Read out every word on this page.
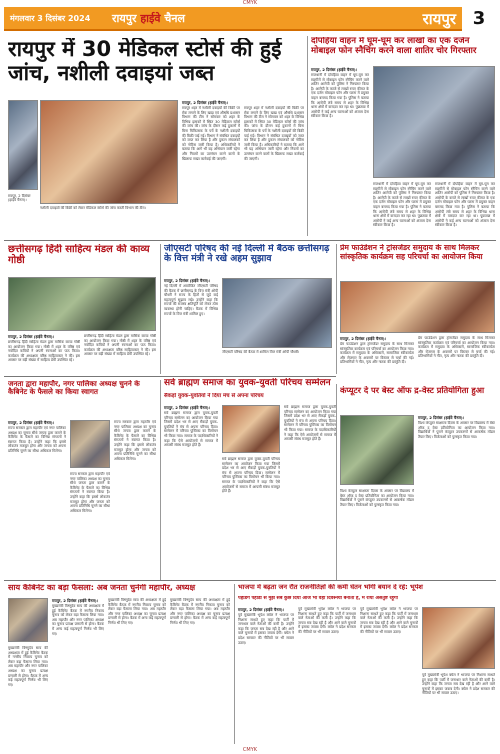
CMYK
मंगलवार 3 दिसंबर 2024 रायपुर हाईवे चैनल	रायपुर 3
रायपुर में 30 मेडिकल स्टोर्स की हुई जांच, नशीली दवाइयां जब्त
रायपुर, 2 दिसंबर (हाईवे चैनल)।
नशीली दवाइयों की बिक्री को लेकर मेडिकल स्टोर्स की जांच करती विभाग की टीम।
रायपुर, 2 दिसंबर (हाईवे चैनल)।
रायपुर शहर में नशीली दवाइयों की बिक्री पर रोक लगाने के लिए खाद्य एवं औषधि प्रशासन विभाग की टीम ने सोमवार को शहर के विभिन्न इलाकों में स्थित 30 मेडिकल स्टोर्स की जांच की। जांच के दौरान कई दुकानों में बिना चिकित्सक के पर्चे के नशीली दवाइयों की बिक्री पाई गई। विभाग ने संबंधित दवाइयों को जब्त कर लिया है और दुकान संचालकों को नोटिस जारी किया है। अधिकारियों ने बताया कि आगे भी यह अभियान जारी रहेगा और नियमों का उल्लंघन करने वालों के खिलाफ सख्त कार्रवाई की जाएगी।
रायपुर शहर में नशीली दवाइयों की बिक्री पर रोक लगाने के लिए खाद्य एवं औषधि प्रशासन विभाग की टीम ने सोमवार को शहर के विभिन्न इलाकों में स्थित 30 मेडिकल स्टोर्स की जांच की। जांच के दौरान कई दुकानों में बिना चिकित्सक के पर्चे के नशीली दवाइयों की बिक्री पाई गई। विभाग ने संबंधित दवाइयों को जब्त कर लिया है और दुकान संचालकों को नोटिस जारी किया है। अधिकारियों ने बताया कि आगे भी यह अभियान जारी रहेगा और नियमों का उल्लंघन करने वालों के खिलाफ सख्त कार्रवाई की जाएगी।
दोपहिया वाहन में घूम-घूम कर लाखों का एक दर्जन मोबाइल फोन स्नैचिंग करने वाला शातिर चोर गिरफ्तार
रायपुर, 2 दिसंबर (हाईवे चैनल)।
राजधानी में दोपहिया वाहन में घूम-घूम कर राहगीरों से मोबाइल फोन स्नैचिंग करने वाले शातिर आरोपी को पुलिस ने गिरफ्तार किया है। आरोपी के कब्जे से लाखों रुपए कीमत के एक दर्जन मोबाइल फोन और घटना में प्रयुक्त वाहन बरामद किया गया है। पुलिस ने बताया कि आरोपी लंबे समय से शहर के विभिन्न थाना क्षेत्रों में वारदात कर रहा था। पूछताछ में आरोपी ने कई अन्य घटनाओं को अंजाम देना स्वीकार किया है।
राजधानी में दोपहिया वाहन में घूम-घूम कर राहगीरों से मोबाइल फोन स्नैचिंग करने वाले शातिर आरोपी को पुलिस ने गिरफ्तार किया है। आरोपी के कब्जे से लाखों रुपए कीमत के एक दर्जन मोबाइल फोन और घटना में प्रयुक्त वाहन बरामद किया गया है। पुलिस ने बताया कि आरोपी लंबे समय से शहर के विभिन्न थाना क्षेत्रों में वारदात कर रहा था। पूछताछ में आरोपी ने कई अन्य घटनाओं को अंजाम देना स्वीकार किया है।
राजधानी में दोपहिया वाहन में घूम-घूम कर राहगीरों से मोबाइल फोन स्नैचिंग करने वाले शातिर आरोपी को पुलिस ने गिरफ्तार किया है। आरोपी के कब्जे से लाखों रुपए कीमत के एक दर्जन मोबाइल फोन और घटना में प्रयुक्त वाहन बरामद किया गया है। पुलिस ने बताया कि आरोपी लंबे समय से शहर के विभिन्न थाना क्षेत्रों में वारदात कर रहा था। पूछताछ में आरोपी ने कई अन्य घटनाओं को अंजाम देना स्वीकार किया है।
छत्तीसगढ़ हिंदी साहित्य मंडल की काव्य गोष्ठी
रायपुर, 2 दिसंबर (हाईवे चैनल)।
छत्तीसगढ़ हिंदी साहित्य मंडल द्वारा मासिक काव्य गोष्ठी का आयोजन किया गया। गोष्ठी में शहर के वरिष्ठ एवं नवोदित कवियों ने अपनी रचनाओं का पाठ किया। कार्यक्रम की अध्यक्षता वरिष्ठ साहित्यकार ने की। इस अवसर पर बड़ी संख्या में साहित्य प्रेमी उपस्थित रहे।
छत्तीसगढ़ हिंदी साहित्य मंडल द्वारा मासिक काव्य गोष्ठी का आयोजन किया गया। गोष्ठी में शहर के वरिष्ठ एवं नवोदित कवियों ने अपनी रचनाओं का पाठ किया। कार्यक्रम की अध्यक्षता वरिष्ठ साहित्यकार ने की। इस अवसर पर बड़ी संख्या में साहित्य प्रेमी उपस्थित रहे।
जीएसटी परिषद की नई दिल्ली में बैठक छत्तीसगढ़ के वित्त मंत्री ने रखे अहम सुझाव
रायपुर, 2 दिसंबर (हाईवे चैनल)।
नई दिल्ली में आयोजित जीएसटी परिषद की बैठक में छत्तीसगढ़ के वित्त मंत्री ओपी चौधरी ने राज्य के हितों से जुड़े कई महत्वपूर्ण सुझाव रखे। उन्होंने कहा कि राज्यों की राजस्व क्षतिपूर्ति को लेकर ठोस व्यवस्था होनी चाहिए। बैठक में विभिन्न राज्यों के वित्त मंत्री शामिल हुए।
जीएसटी परिषद की बैठक में शामिल वित्त मंत्री ओपी चौधरी।
प्रेम फाउंडेशन ने ट्रांसजेंडर समुदाय के साथ मिलकर सांस्कृतिक कार्यक्रम सह परिचर्चा का आयोजन किया
रायपुर, 2 दिसंबर (हाईवे चैनल)।
प्रेम फाउंडेशन द्वारा ट्रांसजेंडर समुदाय के साथ मिलकर सांस्कृतिक कार्यक्रम एवं परिचर्चा का आयोजन किया गया। कार्यक्रम में समुदाय के अधिकारों, सामाजिक स्वीकार्यता और रोजगार के अवसरों पर विस्तार से चर्चा की गई। प्रतिभागियों ने गीत, नृत्य और नाटक की प्रस्तुति दी।
प्रेम फाउंडेशन द्वारा ट्रांसजेंडर समुदाय के साथ मिलकर सांस्कृतिक कार्यक्रम एवं परिचर्चा का आयोजन किया गया। कार्यक्रम में समुदाय के अधिकारों, सामाजिक स्वीकार्यता और रोजगार के अवसरों पर विस्तार से चर्चा की गई। प्रतिभागियों ने गीत, नृत्य और नाटक की प्रस्तुति दी।
जनता द्वारा महापौर, नगर पालिका अध्यक्ष चुनने के कैबिनेट के फैसले का किया स्वागत
रायपुर, 2 दिसंबर (हाईवे चैनल)।
राज्य सरकार द्वारा महापौर एवं नगर पालिका अध्यक्ष का चुनाव सीधे जनता द्वारा कराने के कैबिनेट के फैसले का विभिन्न संगठनों ने स्वागत किया है। उन्होंने कहा कि इससे लोकतंत्र मजबूत होगा और जनता को अपना प्रतिनिधि चुनने का सीधा अधिकार मिलेगा।
राज्य सरकार द्वारा महापौर एवं नगर पालिका अध्यक्ष का चुनाव सीधे जनता द्वारा कराने के कैबिनेट के फैसले का विभिन्न संगठनों ने स्वागत किया है। उन्होंने कहा कि इससे लोकतंत्र मजबूत होगा और जनता को अपना प्रतिनिधि चुनने का सीधा अधिकार मिलेगा।
राज्य सरकार द्वारा महापौर एवं नगर पालिका अध्यक्ष का चुनाव सीधे जनता द्वारा कराने के कैबिनेट के फैसले का विभिन्न संगठनों ने स्वागत किया है। उन्होंने कहा कि इससे लोकतंत्र मजबूत होगा और जनता को अपना प्रतिनिधि चुनने का सीधा अधिकार मिलेगा।
सर्व ब्राह्मण समाज का युवक-युवती परिचय सम्मेलन
सैकड़ों युवक-युवतियों ने दिया मंच से अपना परिचय
रायपुर, 2 दिसंबर (हाईवे चैनल)।
सर्व ब्राह्मण समाज द्वारा युवक-युवती परिचय सम्मेलन का आयोजन किया गया जिसमें प्रदेश भर से आए सैकड़ों युवक-युवतियों ने मंच से अपना परिचय दिया। सम्मेलन में परिचय पुस्तिका का विमोचन भी किया गया। समाज के पदाधिकारियों ने कहा कि ऐसे आयोजनों से समाज में आपसी संबंध मजबूत होते हैं।
सर्व ब्राह्मण समाज द्वारा युवक-युवती परिचय सम्मेलन का आयोजन किया गया जिसमें प्रदेश भर से आए सैकड़ों युवक-युवतियों ने मंच से अपना परिचय दिया। सम्मेलन में परिचय पुस्तिका का विमोचन भी किया गया। समाज के पदाधिकारियों ने कहा कि ऐसे आयोजनों से समाज में आपसी संबंध मजबूत होते हैं।
सर्व ब्राह्मण समाज द्वारा युवक-युवती परिचय सम्मेलन का आयोजन किया गया जिसमें प्रदेश भर से आए सैकड़ों युवक-युवतियों ने मंच से अपना परिचय दिया। सम्मेलन में परिचय पुस्तिका का विमोचन भी किया गया। समाज के पदाधिकारियों ने कहा कि ऐसे आयोजनों से समाज में आपसी संबंध मजबूत होते हैं।
कंप्यूटर दे पर बेस्ट ऑफ द्र-वेस्ट प्रतियोगिता हुआ
रायपुर, 2 दिसंबर (हाईवे चैनल)।
विश्व कंप्यूटर साक्षरता दिवस के अवसर पर विद्यालय में बेस्ट ऑफ द वेस्ट प्रतियोगिता का आयोजन किया गया। विद्यार्थियों ने पुराने कंप्यूटर उपकरणों से आकर्षक मॉडल तैयार किए। विजेताओं को पुरस्कृत किया गया।
विश्व कंप्यूटर साक्षरता दिवस के अवसर पर विद्यालय में बेस्ट ऑफ द वेस्ट प्रतियोगिता का आयोजन किया गया। विद्यार्थियों ने पुराने कंप्यूटर उपकरणों से आकर्षक मॉडल तैयार किए। विजेताओं को पुरस्कृत किया गया।
साय कैबिनेट का बड़ा फैसला: अब जनता चुनेगी महापौर, अध्यक्ष
रायपुर, 2 दिसंबर (हाईवे चैनल)।
मुख्यमंत्री विष्णुदेव साय की अध्यक्षता में हुई कैबिनेट बैठक में नगरीय निकाय चुनाव को लेकर बड़ा फैसला लिया गया। अब महापौर और नगर पालिका अध्यक्ष का चुनाव प्रत्यक्ष प्रणाली से होगा। बैठक में अन्य कई महत्वपूर्ण निर्णय भी लिए गए।
मुख्यमंत्री विष्णुदेव साय की अध्यक्षता में हुई कैबिनेट बैठक में नगरीय निकाय चुनाव को लेकर बड़ा फैसला लिया गया। अब महापौर और नगर पालिका अध्यक्ष का चुनाव प्रत्यक्ष प्रणाली से होगा। बैठक में अन्य कई महत्वपूर्ण निर्णय भी लिए गए।
मुख्यमंत्री विष्णुदेव साय की अध्यक्षता में हुई कैबिनेट बैठक में नगरीय निकाय चुनाव को लेकर बड़ा फैसला लिया गया। अब महापौर और नगर पालिका अध्यक्ष का चुनाव प्रत्यक्ष प्रणाली से होगा। बैठक में अन्य कई महत्वपूर्ण निर्णय भी लिए गए।
मुख्यमंत्री विष्णुदेव साय की अध्यक्षता में हुई कैबिनेट बैठक में नगरीय निकाय चुनाव को लेकर बड़ा फैसला लिया गया। अब महापौर और नगर पालिका अध्यक्ष का चुनाव प्रत्यक्ष प्रणाली से होगा। बैठक में अन्य कई महत्वपूर्ण निर्णय भी लिए गए।
भाजपा में बढ़ता जन रौत राजनीतिज्ञों की कमी घेतन भोगी बयान दे रहे: भूपेश
पहांडंग पहांडी से मुझे सब कुछ दिया आज भी वही दिवस्नेयों बनाती है, मैं रायी असंतुष्ट रहूंगा
रायपुर, 2 दिसंबर (हाईवे चैनल)।
पूर्व मुख्यमंत्री भूपेश बघेल ने भाजपा पर निशाना साधते हुए कहा कि पार्टी में जनाधार वाले नेताओं की कमी है। उन्होंने कहा कि जनता सब देख रही है और आने वाले चुनावों में इसका जवाब देगी। बघेल ने प्रदेश सरकार की नीतियों पर भी सवाल उठाए।
पूर्व मुख्यमंत्री भूपेश बघेल ने भाजपा पर निशाना साधते हुए कहा कि पार्टी में जनाधार वाले नेताओं की कमी है। उन्होंने कहा कि जनता सब देख रही है और आने वाले चुनावों में इसका जवाब देगी। बघेल ने प्रदेश सरकार की नीतियों पर भी सवाल उठाए।
पूर्व मुख्यमंत्री भूपेश बघेल ने भाजपा पर निशाना साधते हुए कहा कि पार्टी में जनाधार वाले नेताओं की कमी है। उन्होंने कहा कि जनता सब देख रही है और आने वाले चुनावों में इसका जवाब देगी। बघेल ने प्रदेश सरकार की नीतियों पर भी सवाल उठाए।
पूर्व मुख्यमंत्री भूपेश बघेल ने भाजपा पर निशाना साधते हुए कहा कि पार्टी में जनाधार वाले नेताओं की कमी है। उन्होंने कहा कि जनता सब देख रही है और आने वाले चुनावों में इसका जवाब देगी। बघेल ने प्रदेश सरकार की नीतियों पर भी सवाल उठाए।
CMYK
